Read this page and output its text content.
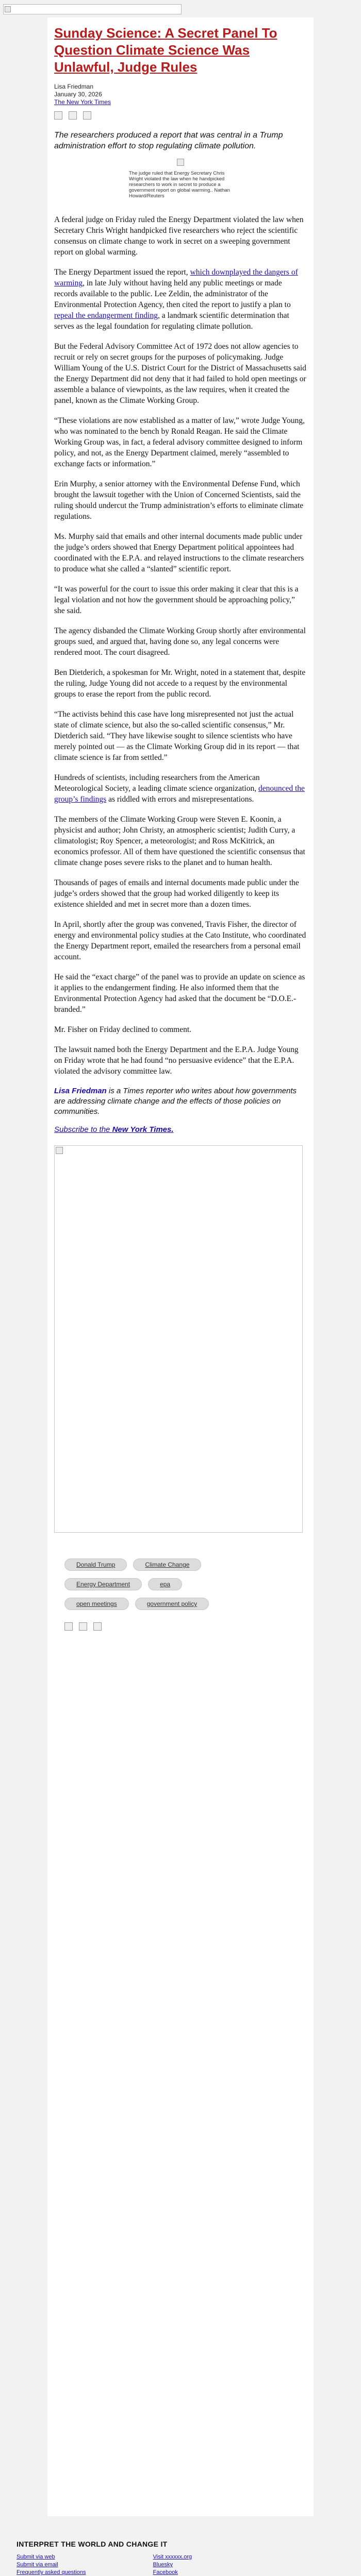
Sunday Science: A Secret Panel To Question Climate Science Was Unlawful, Judge Rules
Lisa Friedman
January 30, 2026
The New York Times
The researchers produced a report that was central in a Trump administration effort to stop regulating climate pollution.
The judge ruled that Energy Secretary Chris Wright violated the law when he handpicked researchers to work in secret to produce a government report on global warming.. Nathan Howard/Reuters

A federal judge on Friday ruled the Energy Department violated the law when Secretary Chris Wright handpicked five researchers who reject the scientific consensus on climate change to work in secret on a sweeping government report on global warming.

The Energy Department issued the report, which downplayed the dangers of warming, in late July without having held any public meetings or made records available to the public. Lee Zeldin, the administrator of the Environmental Protection Agency, then cited the report to justify a plan to repeal the endangerment finding, a landmark scientific determination that serves as the legal foundation for regulating climate pollution.

But the Federal Advisory Committee Act of 1972 does not allow agencies to recruit or rely on secret groups for the purposes of policymaking. Judge William Young of the U.S. District Court for the District of Massachusetts said the Energy Department did not deny that it had failed to hold open meetings or assemble a balance of viewpoints, as the law requires, when it created the panel, known as the Climate Working Group.

“These violations are now established as a matter of law,” wrote Judge Young, who was nominated to the bench by Ronald Reagan. He said the Climate Working Group was, in fact, a federal advisory committee designed to inform policy, and not, as the Energy Department claimed, merely “assembled to exchange facts or information.”

Erin Murphy, a senior attorney with the Environmental Defense Fund, which brought the lawsuit together with the Union of Concerned Scientists, said the ruling should undercut the Trump administration’s efforts to eliminate climate regulations.

Ms. Murphy said that emails and other internal documents made public under the judge’s orders showed that Energy Department political appointees had coordinated with the E.P.A. and relayed instructions to the climate researchers to produce what she called a “slanted” scientific report.

“It was powerful for the court to issue this order making it clear that this is a legal violation and not how the government should be approaching policy,” she said.

The agency disbanded the Climate Working Group shortly after environmental groups sued, and argued that, having done so, any legal concerns were rendered moot. The court disagreed.

Ben Dietderich, a spokesman for Mr. Wright, noted in a statement that, despite the ruling, Judge Young did not accede to a request by the environmental groups to erase the report from the public record.

“The activists behind this case have long misrepresented not just the actual state of climate science, but also the so-called scientific consensus,” Mr. Dietderich said. “They have likewise sought to silence scientists who have merely pointed out — as the Climate Working Group did in its report — that climate science is far from settled.”

Hundreds of scientists, including researchers from the American Meteorological Society, a leading climate science organization, denounced the group’s findings as riddled with errors and misrepresentations.

The members of the Climate Working Group were Steven E. Koonin, a physicist and author; John Christy, an atmospheric scientist; Judith Curry, a climatologist; Roy Spencer, a meteorologist; and Ross McKitrick, an economics professor. All of them have questioned the scientific consensus that climate change poses severe risks to the planet and to human health.

Thousands of pages of emails and internal documents made public under the judge’s orders showed that the group had worked diligently to keep its existence shielded and met in secret more than a dozen times.

In April, shortly after the group was convened, Travis Fisher, the director of energy and environmental policy studies at the Cato Institute, who coordinated the Energy Department report, emailed the researchers from a personal email account.

He said the “exact charge” of the panel was to provide an update on science as it applies to the endangerment finding. He also informed them that the Environmental Protection Agency had asked that the document be “D.O.E.-branded.”

Mr. Fisher on Friday declined to comment.

The lawsuit named both the Energy Department and the E.P.A. Judge Young on Friday wrote that he had found “no persuasive evidence” that the E.P.A. violated the advisory committee law.

Lisa Friedman is a Times reporter who writes about how governments are addressing climate change and the effects of those policies on communities.
Subscribe to the New York Times.
Donald Trump	Climate Change
Energy Department	epa
open meetings	government policy
INTERPRET THE WORLD AND CHANGE IT
Submit via web
Submit via email
Frequently asked questions
Visit xxxxxx.org
Bluesky
Facebook
